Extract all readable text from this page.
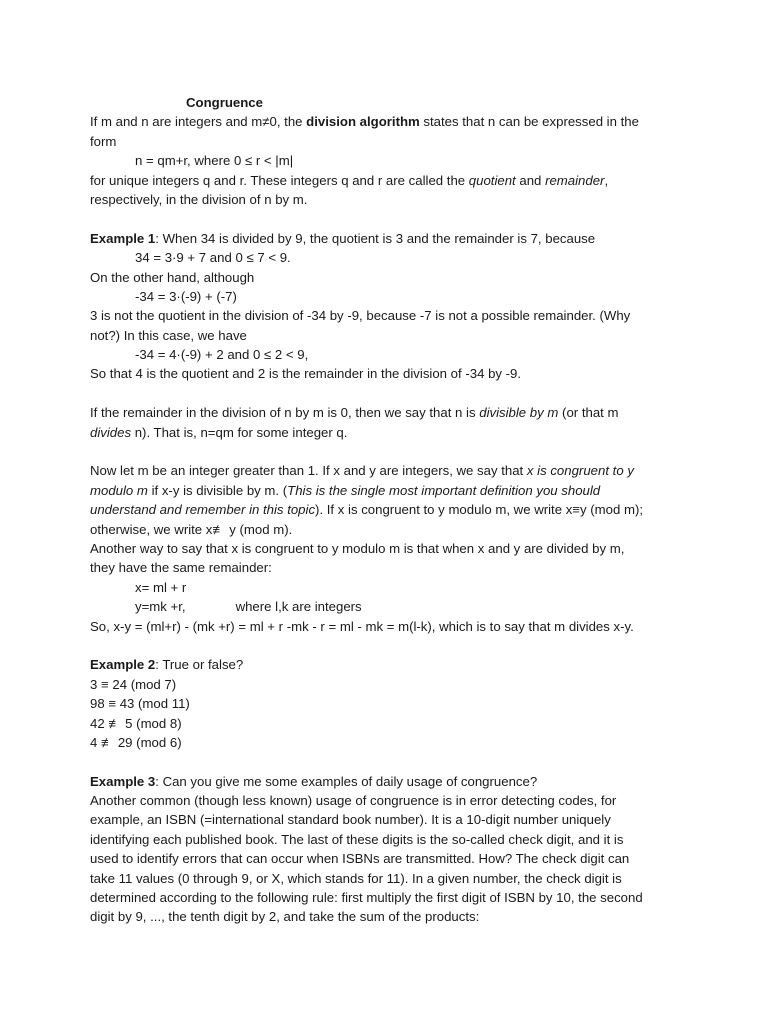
Congruence
If m and n are integers and m≠0, the division algorithm states that n can be expressed in the
form
n = qm+r, where 0 ≤ r < |m|
for unique integers q and r. These integers q and r are called the quotient and remainder,
respectively, in the division of n by m.
Example 1: When 34 is divided by 9, the quotient is 3 and the remainder is 7, because
34 = 3·9 + 7 and 0 ≤ 7 < 9.
On the other hand, although
-34 = 3·(-9) + (-7)
3 is not the quotient in the division of -34 by -9, because -7 is not a possible remainder. (Why
not?) In this case, we have
-34 = 4·(-9) + 2 and 0 ≤ 2 < 9,
So that 4 is the quotient and 2 is the remainder in the division of -34 by -9.
If the remainder in the division of n by m is 0, then we say that n is divisible by m (or that m
divides n). That is, n=qm for some integer q.
Now let m be an integer greater than 1. If x and y are integers, we say that x is congruent to y
modulo m if x-y is divisible by m. (This is the single most important definition you should
understand and remember in this topic). If x is congruent to y modulo m, we write x≡y (mod m);
otherwise, we write x≢ y (mod m).
Another way to say that x is congruent to y modulo m is that when x and y are divided by m,
they have the same remainder:
x= ml + r
y=mk +r,	where l,k are integers
So, x-y = (ml+r) - (mk +r) = ml + r -mk - r = ml - mk = m(l-k), which is to say that m divides x-y.
Example 2: True or false?
3 ≡ 24 (mod 7)
98 ≡ 43 (mod 11)
42 ≢ 5 (mod 8)
4 ≢ 29 (mod 6)
Example 3: Can you give me some examples of daily usage of congruence?
Another common (though less known) usage of congruence is in error detecting codes, for
example, an ISBN (=international standard book number). It is a 10-digit number uniquely
identifying each published book. The last of these digits is the so-called check digit, and it is
used to identify errors that can occur when ISBNs are transmitted. How? The check digit can
take 11 values (0 through 9, or X, which stands for 11). In a given number, the check digit is
determined according to the following rule: first multiply the first digit of ISBN by 10, the second
digit by 9, ..., the tenth digit by 2, and take the sum of the products:
